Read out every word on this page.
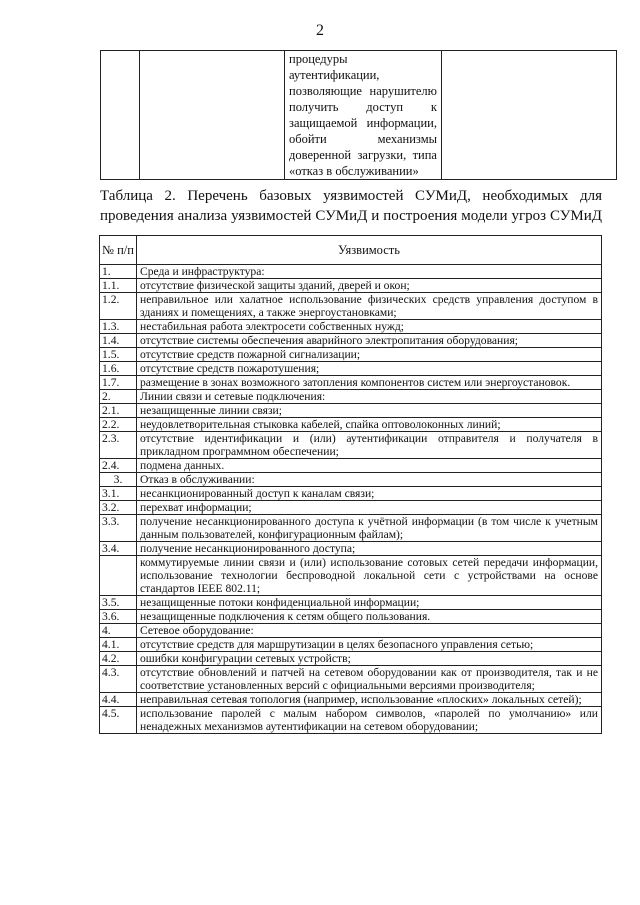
2
		процедуры аутентификации, позволяющие нарушителю получить доступ к защищаемой информации, обойти механизмы доверенной загрузки, типа «отказ в обслуживании»	
Таблица 2. Перечень базовых уязвимостей СУМиД, необходимых для
проведения анализа уязвимостей СУМиД и построения модели угроз СУМиД
№ п/п	Уязвимость
1.	Среда и инфраструктура:
1.1.	отсутствие физической защиты зданий, дверей и окон;
1.2.	неправильное или халатное использование физических средств управления доступом в зданиях и помещениях, а также энергоустановками;
1.3.	нестабильная работа электросети собственных нужд;
1.4.	отсутствие системы обеспечения аварийного электропитания оборудования;
1.5.	отсутствие средств пожарной сигнализации;
1.6.	отсутствие средств пожаротушения;
1.7.	размещение в зонах возможного затопления компонентов систем или энергоустановок.
2.	Линии связи и сетевые подключения:
2.1.	незащищенные линии связи;
2.2.	неудовлетворительная стыковка кабелей, спайка оптоволоконных линий;
2.3.	отсутствие идентификации и (или) аутентификации отправителя и получателя в прикладном программном обеспечении;
2.4.	подмена данных.
3.	Отказ в обслуживании:
3.1.	несанкционированный доступ к каналам связи;
3.2.	перехват информации;
3.3.	получение несанкционированного доступа к учётной информации (в том числе к учетным данным пользователей, конфигурационным файлам);
3.4.	получение несанкционированного доступа;
	коммутируемые линии связи и (или) использование сотовых сетей передачи информации, использование технологии беспроводной локальной сети с устройствами на основе стандартов IEEE 802.11;
3.5.	незащищенные потоки конфиденциальной информации;
3.6.	незащищенные подключения к сетям общего пользования.
4.	Сетевое оборудование:
4.1.	отсутствие средств для маршрутизации в целях безопасного управления сетью;
4.2.	ошибки конфигурации сетевых устройств;
4.3.	отсутствие обновлений и патчей на сетевом оборудовании как от производителя, так и не соответствие установленных версий с официальными версиями производителя;
4.4.	неправильная сетевая топология (например, использование «плоских» локальных сетей);
4.5.	использование паролей с малым набором символов, «паролей по умолчанию» или ненадежных механизмов аутентификации на сетевом оборудовании;
